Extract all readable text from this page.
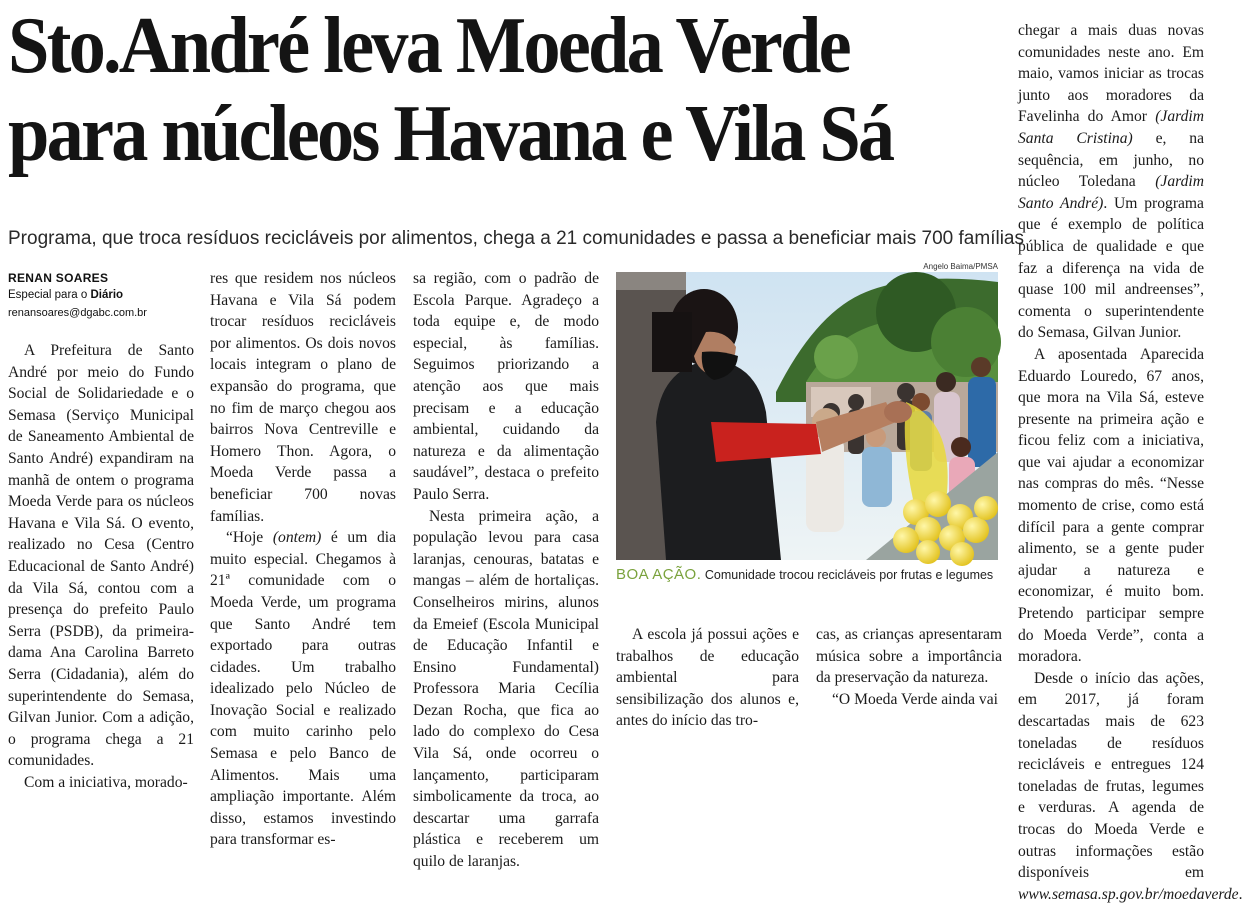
Sto.André leva Moeda Verde
para núcleos Havana e Vila Sá
Programa, que troca resíduos recicláveis por alimentos, chega a 21 comunidades e passa a beneficiar mais 700 famílias
RENAN SOARES
Especial para o Diário
renansoares@dgabc.com.br

A Prefeitura de Santo André por meio do Fundo Social de Solidariedade e o Semasa (Serviço Municipal de Saneamento Ambiental de Santo André) expandiram na manhã de ontem o programa Moeda Verde para os núcleos Havana e Vila Sá. O evento, realizado no Cesa (Centro Educacional de Santo André) da Vila Sá, contou com a presença do prefeito Paulo Serra (PSDB), da primeira-dama Ana Carolina Barreto Serra (Cidadania), além do superintendente do Semasa, Gilvan Junior. Com a adição, o programa chega a 21 comunidades.

Com a iniciativa, morado-

res que residem nos núcleos Havana e Vila Sá podem trocar resíduos recicláveis por alimentos. Os dois novos locais integram o plano de expansão do programa, que no fim de março chegou aos bairros Nova Centreville e Homero Thon. Agora, o Moeda Verde passa a beneficiar 700 novas famílias.

“Hoje (ontem) é um dia muito especial. Chegamos à 21ª comunidade com o Moeda Verde, um programa que Santo André tem exportado para outras cidades. Um trabalho idealizado pelo Núcleo de Inovação Social e realizado com muito carinho pelo Semasa e pelo Banco de Alimentos. Mais uma ampliação importante. Além disso, estamos investindo para transformar es-

sa região, com o padrão de Escola Parque. Agradeço a toda equipe e, de modo especial, às famílias. Seguimos priorizando a atenção aos que mais precisam e a educação ambiental, cuidando da natureza e da alimentação saudável”, destaca o prefeito Paulo Serra.

Nesta primeira ação, a população levou para casa laranjas, cenouras, batatas e mangas – além de hortaliças. Conselheiros mirins, alunos da Emeief (Escola Municipal de Educação Infantil e Ensino Fundamental) Professora Maria Cecília Dezan Rocha, que fica ao lado do complexo do Cesa Vila Sá, onde ocorreu o lançamento, participaram simbolicamente da troca, ao descartar uma garrafa plástica e receberem um quilo de laranjas.

Angelo Baima/PMSA
BOA AÇÃO. Comunidade trocou recicláveis por frutas e legumes

A escola já possui ações e trabalhos de educação ambiental para sensibilização dos alunos e, antes do início das tro-

cas, as crianças apresentaram música sobre a importância da preservação da natureza.

“O Moeda Verde ainda vai

chegar a mais duas novas comunidades neste ano. Em maio, vamos iniciar as trocas junto aos moradores da Favelinha do Amor (Jardim Santa Cristina) e, na sequência, em junho, no núcleo Toledana (Jardim Santo André). Um programa que é exemplo de política pública de qualidade e que faz a diferença na vida de quase 100 mil andreenses”, comenta o superintendente do Semasa, Gilvan Junior.

A aposentada Aparecida Eduardo Louredo, 67 anos, que mora na Vila Sá, esteve presente na primeira ação e ficou feliz com a iniciativa, que vai ajudar a economizar nas compras do mês. “Nesse momento de crise, como está difícil para a gente comprar alimento, se a gente puder ajudar a natureza e economizar, é muito bom. Pretendo participar sempre do Moeda Verde”, conta a moradora.

Desde o início das ações, em 2017, já foram descartadas mais de 623 toneladas de resíduos recicláveis e entregues 124 toneladas de frutas, legumes e verduras. A agenda de trocas do Moeda Verde e outras informações estão disponíveis em www.semasa.sp.gov.br/moedaverde.
